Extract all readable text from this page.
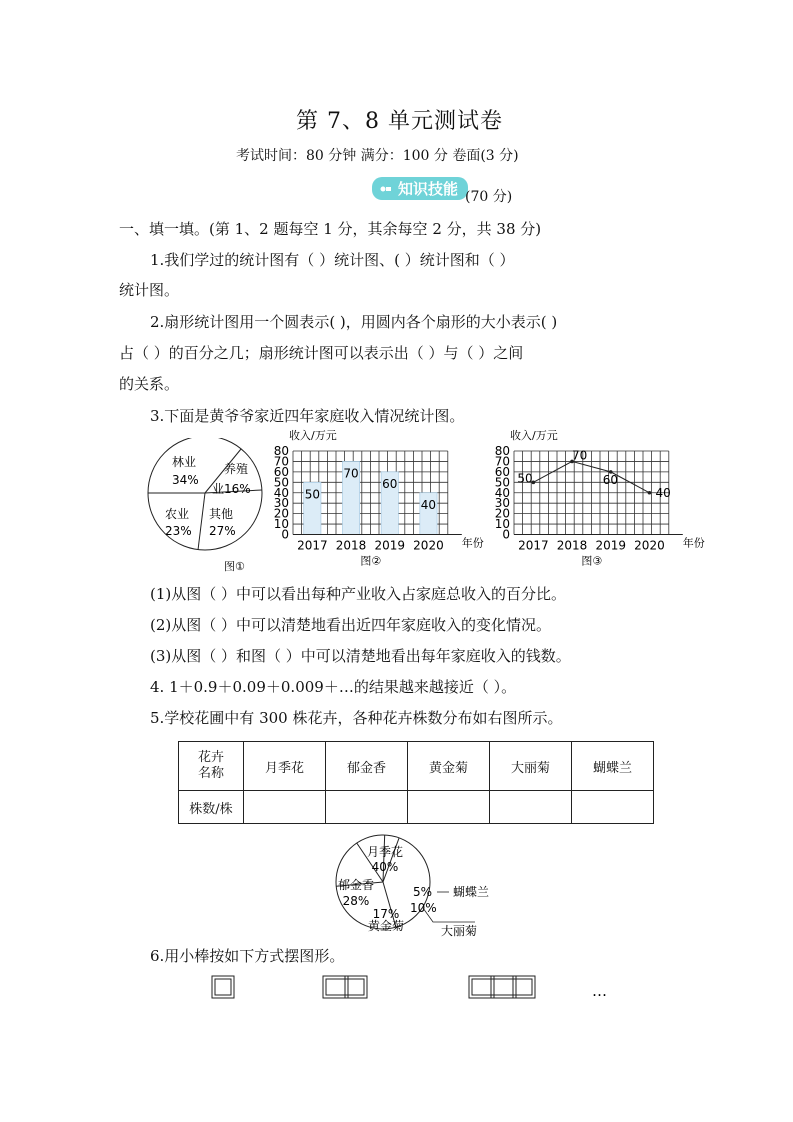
第 7、8 单元测试卷
考试时间：80 分钟 满分：100 分 卷面(3 分)
知识技能 (70 分)
一、填一填。(第 1、2 题每空 1 分，其余每空 2 分，共 38 分)
1.我们学过的统计图有（ ）统计图、( ）统计图和（ ）
统计图。
2.扇形统计图用一个圆表示( )，用圆内各个扇形的大小表示( )
占（ ）的百分之几；扇形统计图可以表示出（ ）与（ ）之间
的关系。
3.下面是黄爷爷家近四年家庭收入情况统计图。
林业
34%
养殖
业16%
其他
27%
农业
23%
图①
收入/万元
80
70
60
50
40
30
20
10
0
50
2017
70
2018
60
2019
40
2020 年份
图②
收入/万元
80
70
60
50
40
30
20
10
0
2017 2018 2019 2020
50
70
60
40
年份
图③
(1)从图（ ）中可以看出每种产业收入占家庭总收入的百分比。
(2)从图（ ）中可以清楚地看出近四年家庭收入的变化情况。
(3)从图（ ）和图（ ）中可以清楚地看出每年家庭收入的钱数。
4. 1＋0.9＋0.09＋0.009＋…的结果越来越接近（ ）。
5.学校花圃中有 300 株花卉，各种花卉株数分布如右图所示。
花卉
名称	月季花	郁金香	黄金菊	大丽菊	蝴蝶兰
株数/株					
月季花
40%
郁金香
28%
17%
黄金菊
10%
大丽菊
5% 蝴蝶兰
6.用小棒按如下方式摆图形。
…
